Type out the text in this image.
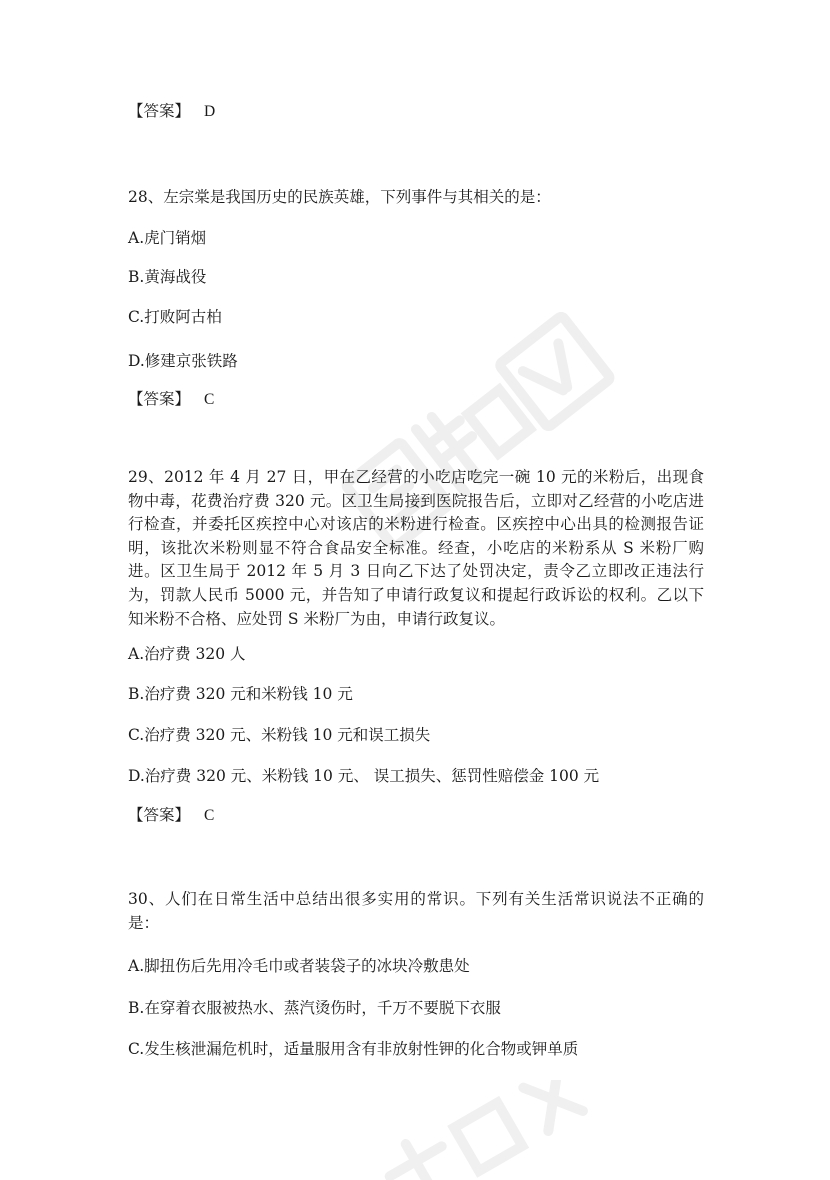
【答案】 D
28、左宗棠是我国历史的民族英雄，下列事件与其相关的是：
A.虎门销烟
B.黄海战役
C.打败阿古柏
D.修建京张铁路
【答案】 C
29、2012 年 4 月 27 日，甲在乙经营的小吃店吃完一碗 10 元的米粉后，出现食物中毒，花费治疗费 320 元。区卫生局接到医院报告后，立即对乙经营的小吃店进行检查，并委托区疾控中心对该店的米粉进行检查。区疾控中心出具的检测报告证明，该批次米粉则显不符合食品安全标准。经查，小吃店的米粉系从 S 米粉厂购进。区卫生局于 2012 年 5 月 3 日向乙下达了处罚决定，责令乙立即改正违法行为，罚款人民币 5000 元，并告知了申请行政复议和提起行政诉讼的权利。乙以下知米粉不合格、应处罚 S 米粉厂为由，申请行政复议。
A.治疗费 320 人
B.治疗费 320 元和米粉钱 10 元
C.治疗费 320 元、米粉钱 10 元和误工损失
D.治疗费 320 元、米粉钱 10 元、 误工损失、惩罚性赔偿金 100 元
【答案】 C
30、人们在日常生活中总结出很多实用的常识。下列有关生活常识说法不正确的是：
A.脚扭伤后先用冷毛巾或者装袋子的冰块冷敷患处
B.在穿着衣服被热水、蒸汽烫伤时，千万不要脱下衣服
C.发生核泄漏危机时，适量服用含有非放射性钾的化合物或钾单质
